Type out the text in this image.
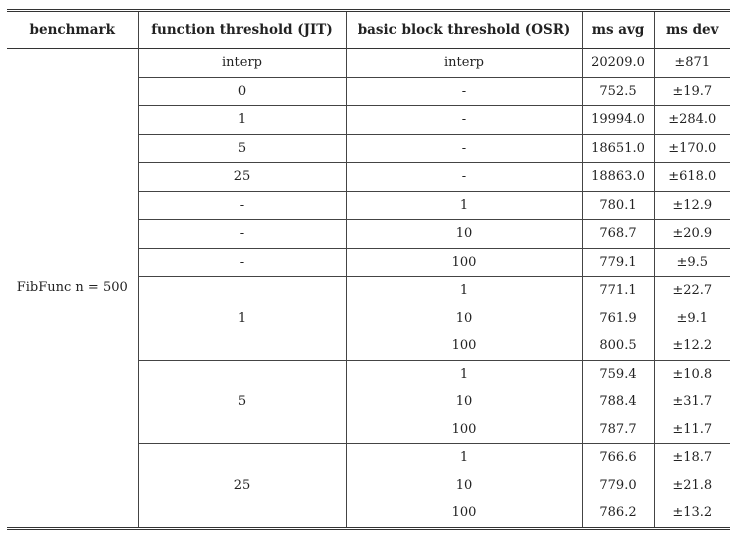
benchmark	function threshold (JIT)	basic block threshold (OSR)	ms avg	ms dev
FibFunc n = 500	interp	interp	20209.0	±871
	0	-	752.5	±19.7
	1	-	19994.0	±284.0
	5	-	18651.0	±170.0
	25	-	18863.0	±618.0
	-	1	780.1	±12.9
	-	10	768.7	±20.9
	-	100	779.1	±9.5
	1	1	771.1	±22.7
		10	761.9	±9.1
		100	800.5	±12.2
	5	1	759.4	±10.8
		10	788.4	±31.7
		100	787.7	±11.7
	25	1	766.6	±18.7
		10	779.0	±21.8
		100	786.2	±13.2
